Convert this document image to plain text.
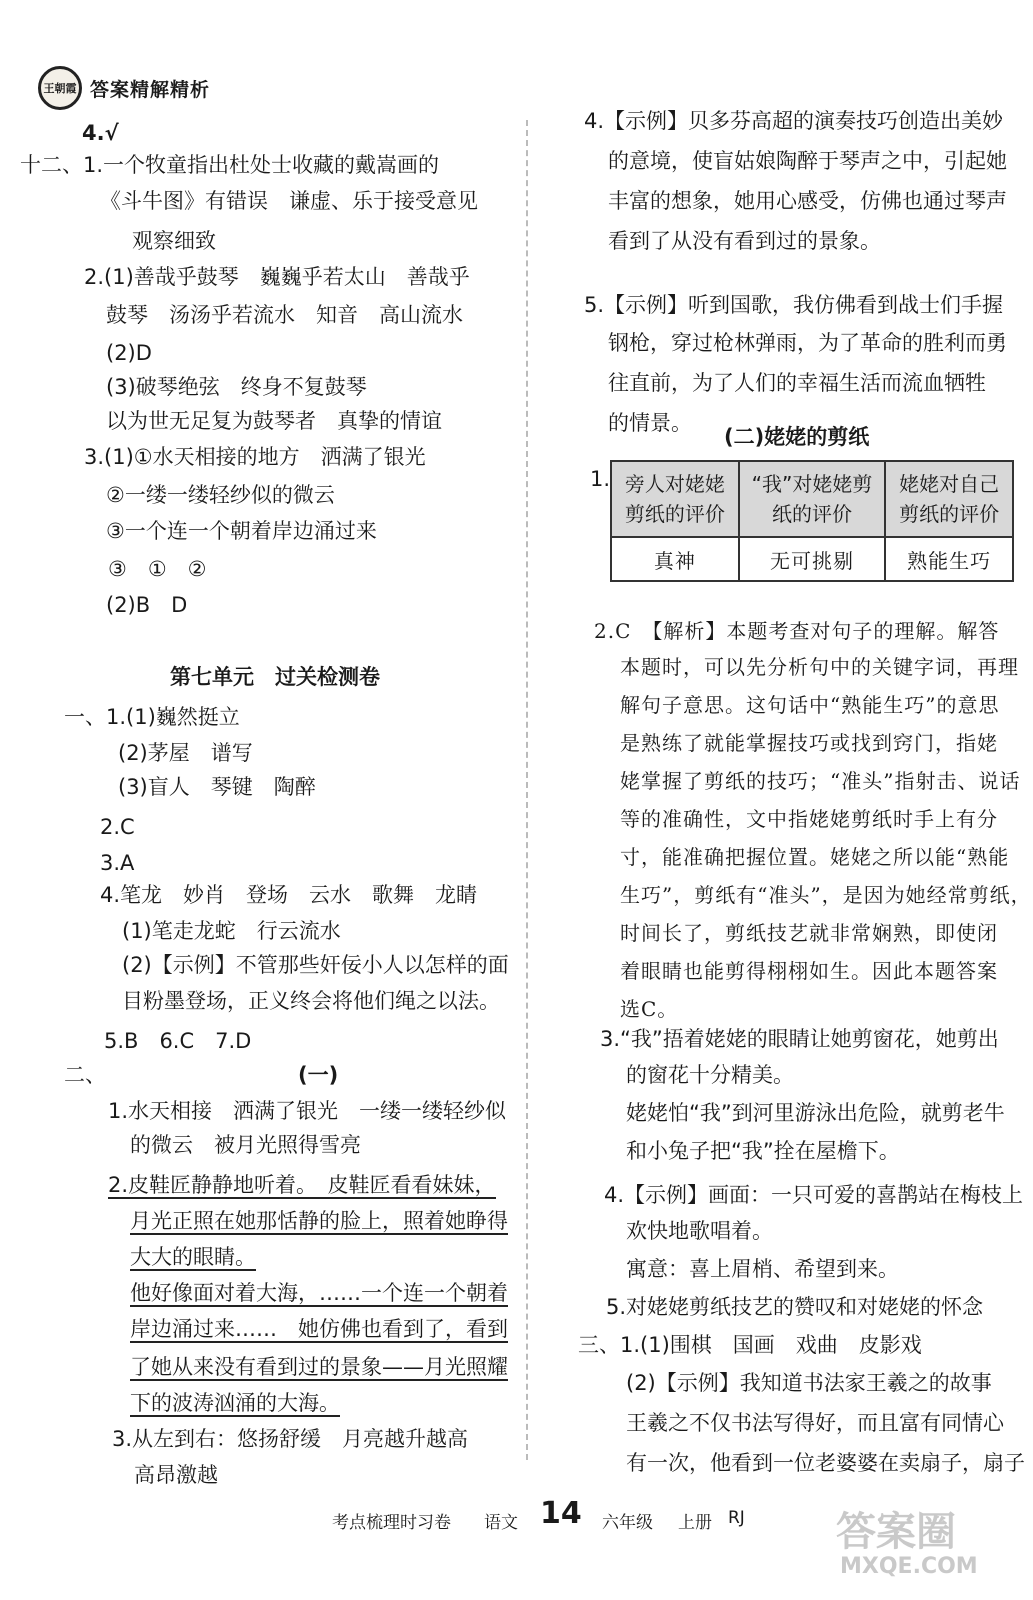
王朝霞 答案精解精析
4.√
十二、1.一个牧童指出杜处士收藏的戴嵩画的
《斗牛图》有错误　谦虚、乐于接受意见
观察细致
2.(1)善哉乎鼓琴　巍巍乎若太山　善哉乎
鼓琴　汤汤乎若流水　知音　高山流水
(2)D
(3)破琴绝弦　终身不复鼓琴
以为世无足复为鼓琴者　真挚的情谊
3.(1)①水天相接的地方　洒满了银光
②一缕一缕轻纱似的微云
③一个连一个朝着岸边涌过来
③　①　②
(2)B　D
第七单元　过关检测卷
一、1.(1)巍然挺立
(2)茅屋　谱写
(3)盲人　琴键　陶醉
2.C
3.A
4.笔龙　妙肖　登场　云水　歌舞　龙睛
(1)笔走龙蛇　行云流水
(2)【示例】不管那些奸佞小人以怎样的面
目粉墨登场，正义终会将他们绳之以法。
5.B　6.C　7.D
二、	(一)
1.水天相接　洒满了银光　一缕一缕轻纱似
的微云　被月光照得雪亮
2.皮鞋匠静静地听着。　皮鞋匠看看妹妹，
月光正照在她那恬静的脸上，照着她睁得
大大的眼睛。
他好像面对着大海，……一个连一个朝着
岸边涌过来……　她仿佛也看到了，看到
了她从来没有看到过的景象——月光照耀
下的波涛汹涌的大海。
3.从左到右：悠扬舒缓　月亮越升越高
高昂激越
4.【示例】贝多芬高超的演奏技巧创造出美妙
的意境，使盲姑娘陶醉于琴声之中，引起她
丰富的想象，她用心感受，仿佛也通过琴声
看到了从没有看到过的景象。
5.【示例】听到国歌，我仿佛看到战士们手握
钢枪，穿过枪林弹雨，为了革命的胜利而勇
往直前，为了人们的幸福生活而流血牺牲
的情景。
(二)姥姥的剪纸
1.
2.C　【解析】本题考查对句子的理解。解答
本题时，可以先分析句中的关键字词，再理
解句子意思。这句话中“熟能生巧”的意思
是熟练了就能掌握技巧或找到窍门，指姥
姥掌握了剪纸的技巧；“准头”指射击、说话
等的准确性，文中指姥姥剪纸时手上有分
寸，能准确把握位置。姥姥之所以能“熟能
生巧”，剪纸有“准头”，是因为她经常剪纸，
时间长了，剪纸技艺就非常娴熟，即使闭
着眼睛也能剪得栩栩如生。因此本题答案
选C。
3.“我”捂着姥姥的眼睛让她剪窗花，她剪出
的窗花十分精美。
姥姥怕“我”到河里游泳出危险，就剪老牛
和小兔子把“我”拴在屋檐下。
4.【示例】画面：一只可爱的喜鹊站在梅枝上
欢快地歌唱着。
寓意：喜上眉梢、希望到来。
5.对姥姥剪纸技艺的赞叹和对姥姥的怀念
三、1.(1)围棋　国画　戏曲　皮影戏
(2)【示例】我知道书法家王羲之的故事
王羲之不仅书法写得好，而且富有同情心
有一次，他看到一位老婆婆在卖扇子，扇子
旁人对姥姥剪纸的评价	“我”对姥姥剪纸的评价	姥姥对自己剪纸的评价
真神	无可挑剔	熟能生巧
考点梳理时习卷 语文 14 六年级 上册 RJ 答案圈
MXQE.COM
